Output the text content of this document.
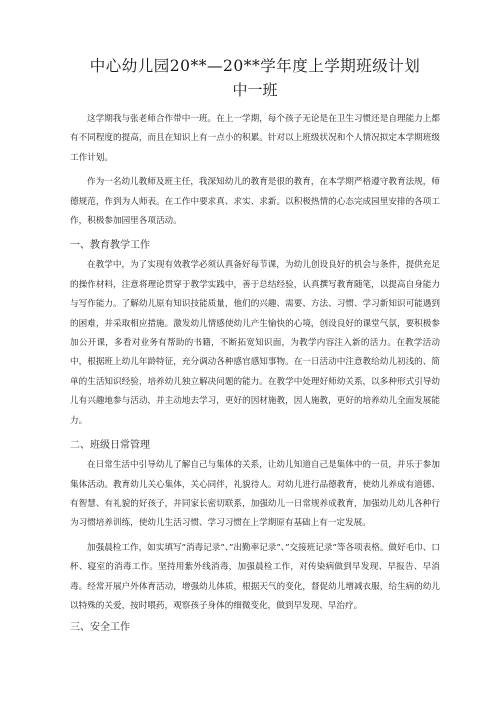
中心幼儿园20**—20**学年度上学期班级计划
中一班

这学期我与张老师合作带中一班。在上一学期，每个孩子无论是在卫生习惯还是自理能力上都有不同程度的提高，而且在知识上有一点小的积累。针对以上班级状况和个人情况拟定本学期班级工作计划。

作为一名幼儿教师及班主任，我深知幼儿的教育是很的教育，在本学期严格遵守教育法规，师德规范，作到为人师表。在工作中要求真、求实、求新。以积极热情的心态完成园里安排的各项工作，积极参加园里各项活动。

一、教育教学工作

在教学中，为了实现有效教学必须认真备好每节课，为幼儿创设良好的机会与条件，提供充足的操作材料，注意将理论贯穿于教学实践中，善于总结经验，认真撰写教育随笔，以提高自身能力与写作能力。了解幼儿原有知识技能质量，他们的兴趣、需要、方法、习惯、学习新知识可能遇到的困难，并采取相应措施。激发幼儿情感使幼儿产生愉快的心境，创设良好的课堂气氛，要积极参加公开课，多看对业务有帮助的书籍，不断拓宽知识面，为教学内容注入新的活力。在教学活动中，根据班上幼儿年龄特征，充分调动各种感官感知事物。在一日活动中注意教给幼儿初浅的、简单的生活知识经验，培养幼儿独立解决问题的能力。在教学中处理好师幼关系，以多种形式引导幼儿有兴趣地参与活动，并主动地去学习，更好的因材施教，因人施教，更好的培养幼儿全面发展能力。

二、班级日常管理

在日常生活中引导幼儿了解自己与集体的关系，让幼儿知道自己是集体中的一员，并乐于参加集体活动。教育幼儿关心集体，关心同伴，礼貌待人。对幼儿进行品德教育，使幼儿养成有道德、有智慧、有礼貌的好孩子，并同家长密切联系，加强幼儿一日常规养成教育，加强幼儿幼儿各种行为习惯培养训练，使幼儿生活习惯、学习习惯在上学期原有基础上有一定发展。

加强晨检工作，如实填写“消毒记录”、”出勤率记录”、”交接班记录”等各项表格。做好毛巾、口杯、寝室的消毒工作。坚持用紫外线消毒，加强晨检工作，对传染病做到早发现、早报告、早消毒。经常开展户外体育活动，增强幼儿体质，根据天气的变化，督促幼儿增减衣服，给生病的幼儿以特殊的关爱，按时喂药，观察孩子身体的细微变化，做到早发现、早治疗。

三、安全工作
